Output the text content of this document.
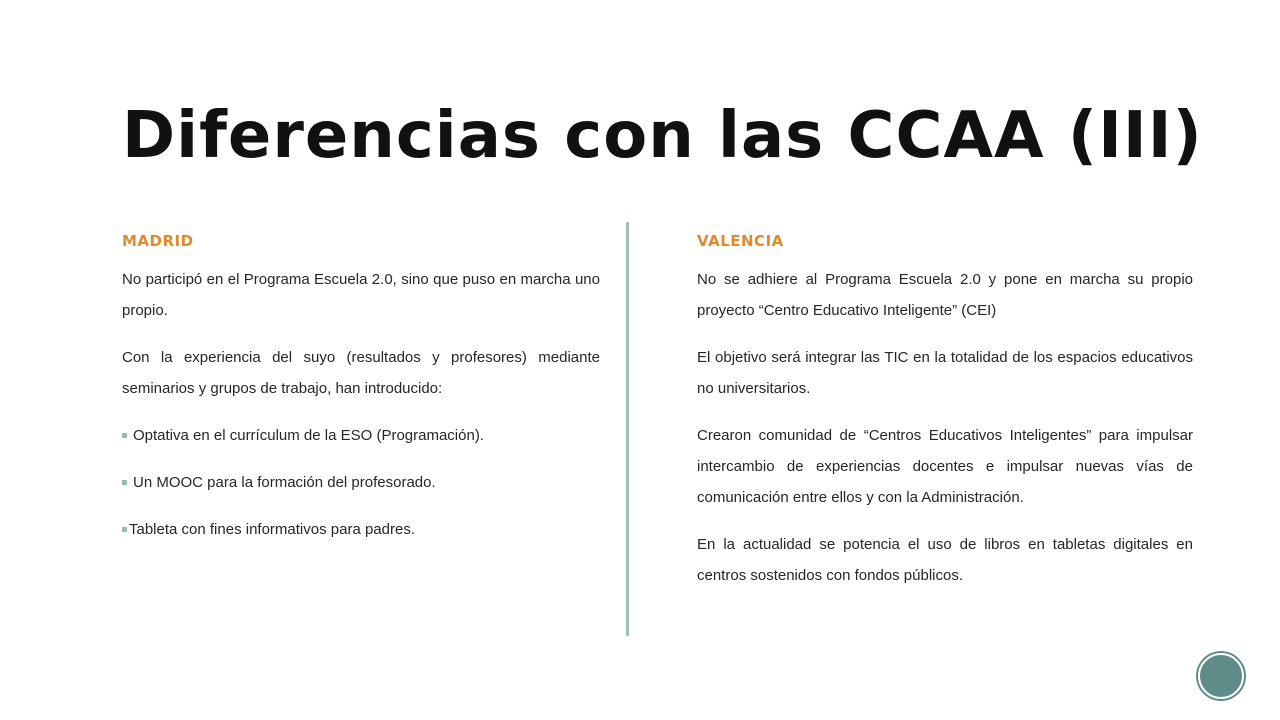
Diferencias con las CCAA (III)
MADRID

No participó en el Programa Escuela 2.0, sino que puso en marcha uno propio.

Con la experiencia del suyo (resultados y profesores) mediante seminarios y grupos de trabajo, han introducido:

Optativa en el currículum de la ESO (Programación).
Un MOOC para la formación del profesorado.
Tableta con fines informativos para padres.
VALENCIA

No se adhiere al Programa Escuela 2.0 y pone en marcha su propio proyecto “Centro Educativo Inteligente” (CEI)

El objetivo será integrar las TIC en la totalidad de los espacios educativos no universitarios.

Crearon comunidad de “Centros Educativos Inteligentes” para impulsar intercambio de experiencias docentes e impulsar nuevas vías de comunicación entre ellos y con la Administración.

En la actualidad se potencia el uso de libros en tabletas digitales en centros sostenidos con fondos públicos.
